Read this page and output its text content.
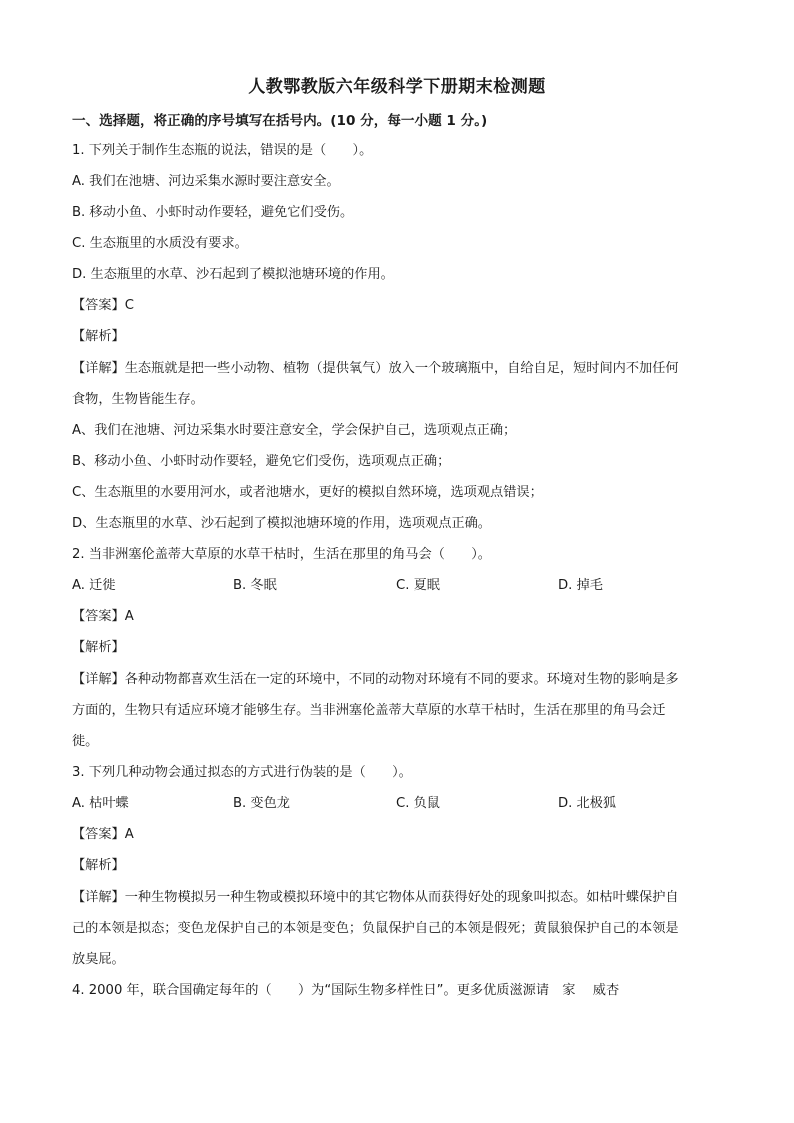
人教鄂教版六年级科学下册期末检测题
一、选择题，将正确的序号填写在括号内。(10 分，每一小题 1 分。)
1. 下列关于制作生态瓶的说法，错误的是（　　）。
A. 我们在池塘、河边采集水源时要注意安全。
B. 移动小鱼、小虾时动作要轻，避免它们受伤。
C. 生态瓶里的水质没有要求。
D. 生态瓶里的水草、沙石起到了模拟池塘环境的作用。
【答案】C
【解析】
【详解】生态瓶就是把一些小动物、植物（提供氧气）放入一个玻璃瓶中，自给自足，短时间内不加任何
食物，生物皆能生存。
A、我们在池塘、河边采集水时要注意安全，学会保护自己，选项观点正确；
B、移动小鱼、小虾时动作要轻，避免它们受伤，选项观点正确；
C、生态瓶里的水要用河水，或者池塘水，更好的模拟自然环境，选项观点错误；
D、生态瓶里的水草、沙石起到了模拟池塘环境的作用，选项观点正确。
2. 当非洲塞伦盖蒂大草原的水草干枯时，生活在那里的角马会（　　）。
A. 迁徙	B. 冬眠	C. 夏眠	D. 掉毛
【答案】A
【解析】
【详解】各种动物都喜欢生活在一定的环境中，不同的动物对环境有不同的要求。环境对生物的影响是多
方面的，生物只有适应环境才能够生存。当非洲塞伦盖蒂大草原的水草干枯时，生活在那里的角马会迁
徙。
3. 下列几种动物会通过拟态的方式进行伪装的是（　　）。
A. 枯叶蝶	B. 变色龙	C. 负鼠	D. 北极狐
【答案】A
【解析】
【详解】一种生物模拟另一种生物或模拟环境中的其它物体从而获得好处的现象叫拟态。如枯叶蝶保护自
己的本领是拟态；变色龙保护自己的本领是变色；负鼠保护自己的本领是假死；黄鼠狼保护自己的本领是
放臭屁。
4. 2000 年，联合国确定每年的（　　）为“国际生物多样性日”。更多优质滋源请　家　 威杏
